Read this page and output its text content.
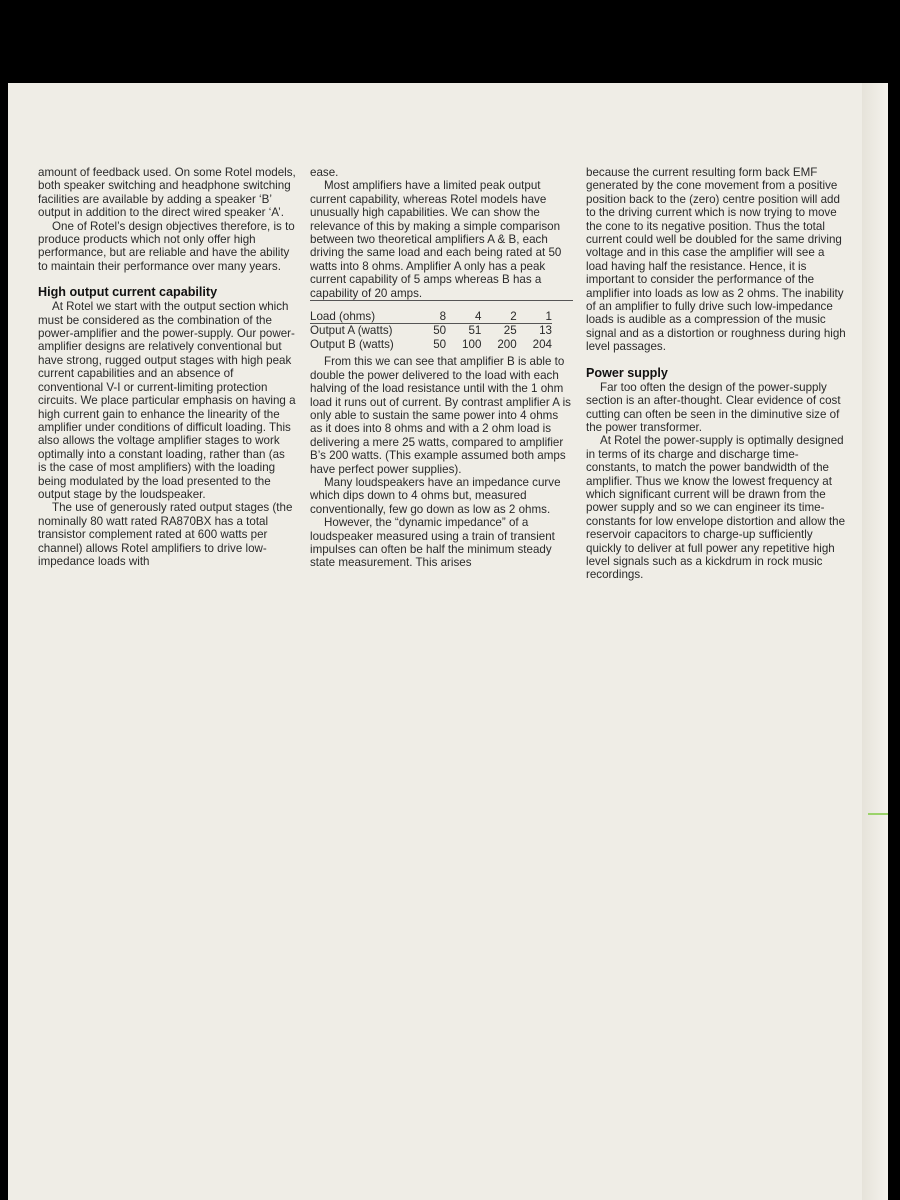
amount of feedback used. On some Rotel models, both speaker switching and headphone switching facilities are available by adding a speaker ‘B’ output in addition to the direct wired speaker ‘A’.

One of Rotel’s design objectives therefore, is to produce products which not only offer high performance, but are reliable and have the ability to maintain their performance over many years.

High output current capability

At Rotel we start with the output section which must be considered as the combination of the power-amplifier and the power-supply. Our power-amplifier designs are relatively conventional but have strong, rugged output stages with high peak current capabilities and an absence of conventional V-I or current-limiting protection circuits. We place particular emphasis on having a high current gain to enhance the linearity of the amplifier under conditions of difficult loading. This also allows the voltage amplifier stages to work optimally into a constant loading, rather than (as is the case of most amplifiers) with the loading being modulated by the load presented to the output stage by the loudspeaker.

The use of generously rated output stages (the nominally 80 watt rated RA870BX has a total transistor complement rated at 600 watts per channel) allows Rotel amplifiers to drive low-impedance loads with

ease.

Most amplifiers have a limited peak output current capability, whereas Rotel models have unusually high capabilities. We can show the relevance of this by making a simple comparison between two theoretical amplifiers A & B, each driving the same load and each being rated at 50 watts into 8 ohms. Amplifier A only has a peak current capability of 5 amps whereas B has a capability of 20 amps.

Load (ohms)	8	4	2	1
Output A (watts)	50	51	25	13
Output B (watts)	50	100	200	204

From this we can see that amplifier B is able to double the power delivered to the load with each halving of the load resistance until with the 1 ohm load it runs out of current. By contrast amplifier A is only able to sustain the same power into 4 ohms as it does into 8 ohms and with a 2 ohm load is delivering a mere 25 watts, compared to amplifier B’s 200 watts. (This example assumed both amps have perfect power supplies).

Many loudspeakers have an impedance curve which dips down to 4 ohms but, measured conventionally, few go down as low as 2 ohms.

However, the “dynamic impedance” of a loudspeaker measured using a train of transient impulses can often be half the minimum steady state measurement. This arises

because the current resulting form back EMF generated by the cone movement from a positive position back to the (zero) centre position will add to the driving current which is now trying to move the cone to its negative position. Thus the total current could well be doubled for the same driving voltage and in this case the amplifier will see a load having half the resistance. Hence, it is important to consider the performance of the amplifier into loads as low as 2 ohms. The inability of an amplifier to fully drive such low-impedance loads is audible as a compression of the music signal and as a distortion or roughness during high level passages.

Power supply

Far too often the design of the power-supply section is an after-thought. Clear evidence of cost cutting can often be seen in the diminutive size of the power transformer.

At Rotel the power-supply is optimally designed in terms of its charge and discharge time-constants, to match the power bandwidth of the amplifier. Thus we know the lowest frequency at which significant current will be drawn from the power supply and so we can engineer its time-constants for low envelope distortion and allow the reservoir capacitors to charge-up sufficiently quickly to deliver at full power any repetitive high level signals such as a kickdrum in rock music recordings.
